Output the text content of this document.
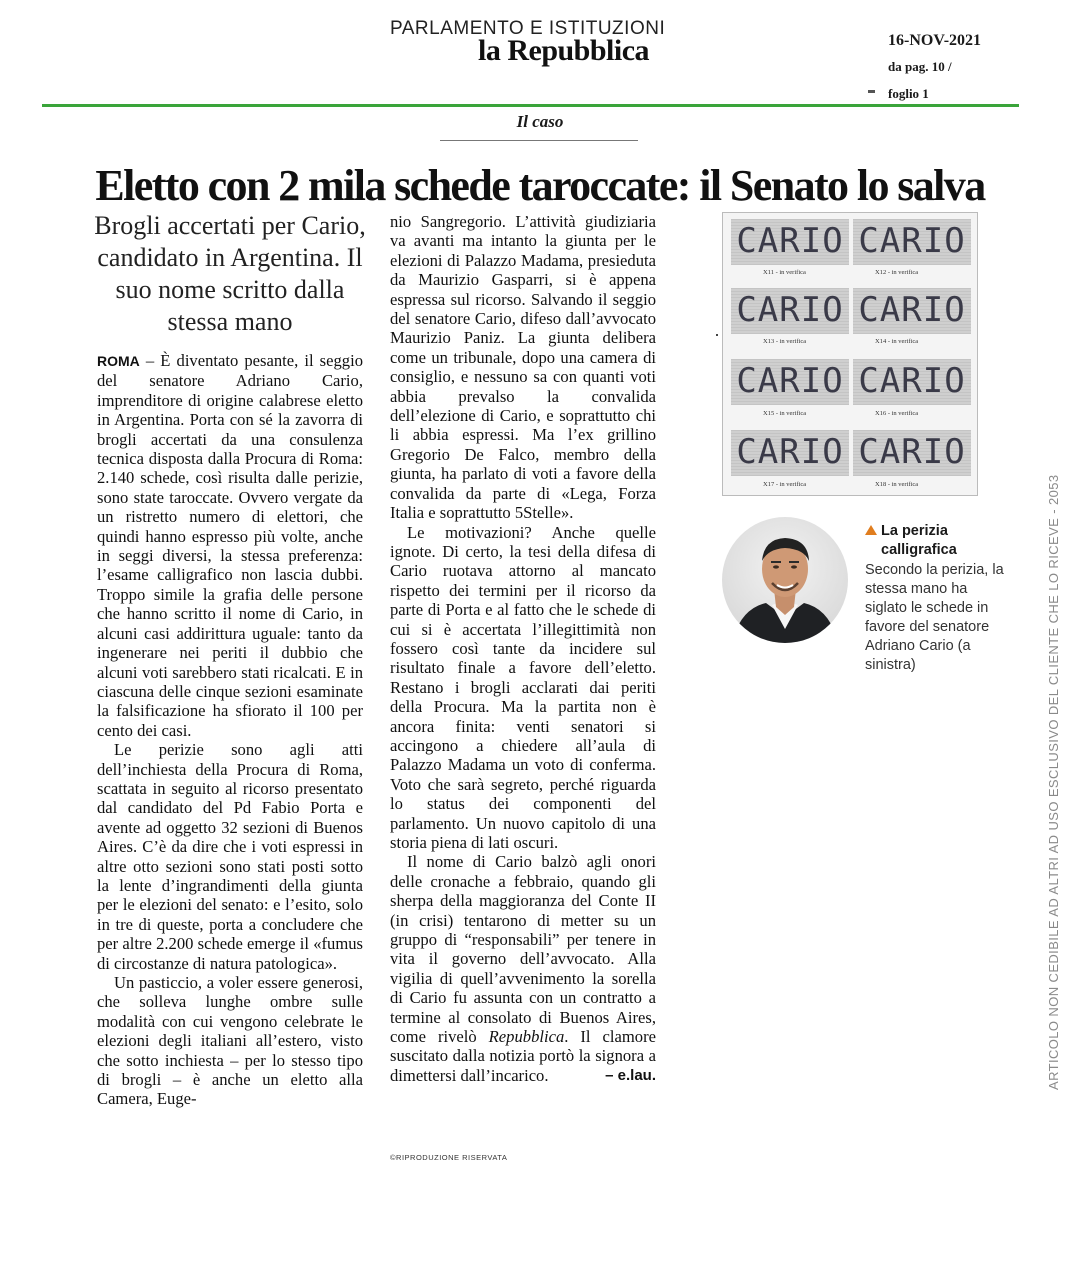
PARLAMENTO E ISTITUZIONI
la Repubblica	16-NOV-2021
da pag. 10 /
foglio 1
Il caso
Eletto con 2 mila schede taroccate: il Senato lo salva
Brogli accertati per Cario, candidato in Argentina. Il suo nome scritto dalla stessa mano

ROMA – È diventato pesante, il seggio del senatore Adriano Cario, imprenditore di origine calabrese eletto in Argentina. Porta con sé la zavorra di brogli accertati da una consulenza tecnica disposta dalla Procura di Roma: 2.140 schede, così risulta dalle perizie, sono state taroccate. Ovvero vergate da un ristretto numero di elettori, che quindi hanno espresso più volte, anche in seggi diversi, la stessa preferenza: l’esame calligrafico non lascia dubbi. Troppo simile la grafia delle persone che hanno scritto il nome di Cario, in alcuni casi addirittura uguale: tanto da ingenerare nei periti il dubbio che alcuni voti sarebbero stati ricalcati. E in ciascuna delle cinque sezioni esaminate la falsificazione ha sfiorato il 100 per cento dei casi.

Le perizie sono agli atti dell’inchiesta della Procura di Roma, scattata in seguito al ricorso presentato dal candidato del Pd Fabio Porta e avente ad oggetto 32 sezioni di Buenos Aires. C’è da dire che i voti espressi in altre otto sezioni sono stati posti sotto la lente d’ingrandimenti della giunta per le elezioni del senato: e l’esito, solo in tre di queste, porta a concludere che per altre 2.200 schede emerge il «fumus di circostanze di natura patologica».

Un pasticcio, a voler essere generosi, che solleva lunghe ombre sulle modalità con cui vengono celebrate le elezioni degli italiani all’estero, visto che sotto inchiesta – per lo stesso tipo di brogli – è anche un eletto alla Camera, Euge-

nio Sangregorio. L’attività giudiziaria va avanti ma intanto la giunta per le elezioni di Palazzo Madama, presieduta da Maurizio Gasparri, si è appena espressa sul ricorso. Salvando il seggio del senatore Cario, difeso dall’avvocato Maurizio Paniz. La giunta delibera come un tribunale, dopo una camera di consiglio, e nessuno sa con quanti voti abbia prevalso la convalida dell’elezione di Cario, e soprattutto chi li abbia espressi. Ma l’ex grillino Gregorio De Falco, membro della giunta, ha parlato di voti a favore della convalida da parte di «Lega, Forza Italia e soprattutto 5Stelle».

Le motivazioni? Anche quelle ignote. Di certo, la tesi della difesa di Cario ruotava attorno al mancato rispetto dei termini per il ricorso da parte di Porta e al fatto che le schede di cui si è accertata l’illegittimità non fossero così tante da incidere sul risultato finale a favore dell’eletto. Restano i brogli acclarati dai periti della Procura. Ma la partita non è ancora finita: venti senatori si accingono a chiedere all’aula di Palazzo Madama un voto di conferma. Voto che sarà segreto, perché riguarda lo status dei componenti del parlamento. Un nuovo capitolo di una storia piena di lati oscuri.

Il nome di Cario balzò agli onori delle cronache a febbraio, quando gli sherpa della maggioranza del Conte II (in crisi) tentarono di metter su un gruppo di “responsabili” per tenere in vita il governo dell’avvocato. Alla vigilia di quell’avvenimento la sorella di Cario fu assunta con un contratto a termine al consolato di Buenos Aires, come rivelò Repubblica. Il clamore suscitato dalla notizia portò la signora a dimettersi dall’incarico.	– e.lau.

©RIPRODUZIONE RISERVATA
CARIO
X11 - in verifica
CARIO
X12 - in verifica
CARIO
X13 - in verifica
CARIO
X14 - in verifica
CARIO
X15 - in verifica
CARIO
X16 - in verifica
CARIO
X17 - in verifica
CARIO
X18 - in verifica
La perizia calligrafica
Secondo la perizia, la stessa mano ha siglato le schede in favore del senatore Adriano Cario (a sinistra)	ARTICOLO NON CEDIBILE AD ALTRI AD USO ESCLUSIVO DEL CLIENTE CHE LO RICEVE - 2053
